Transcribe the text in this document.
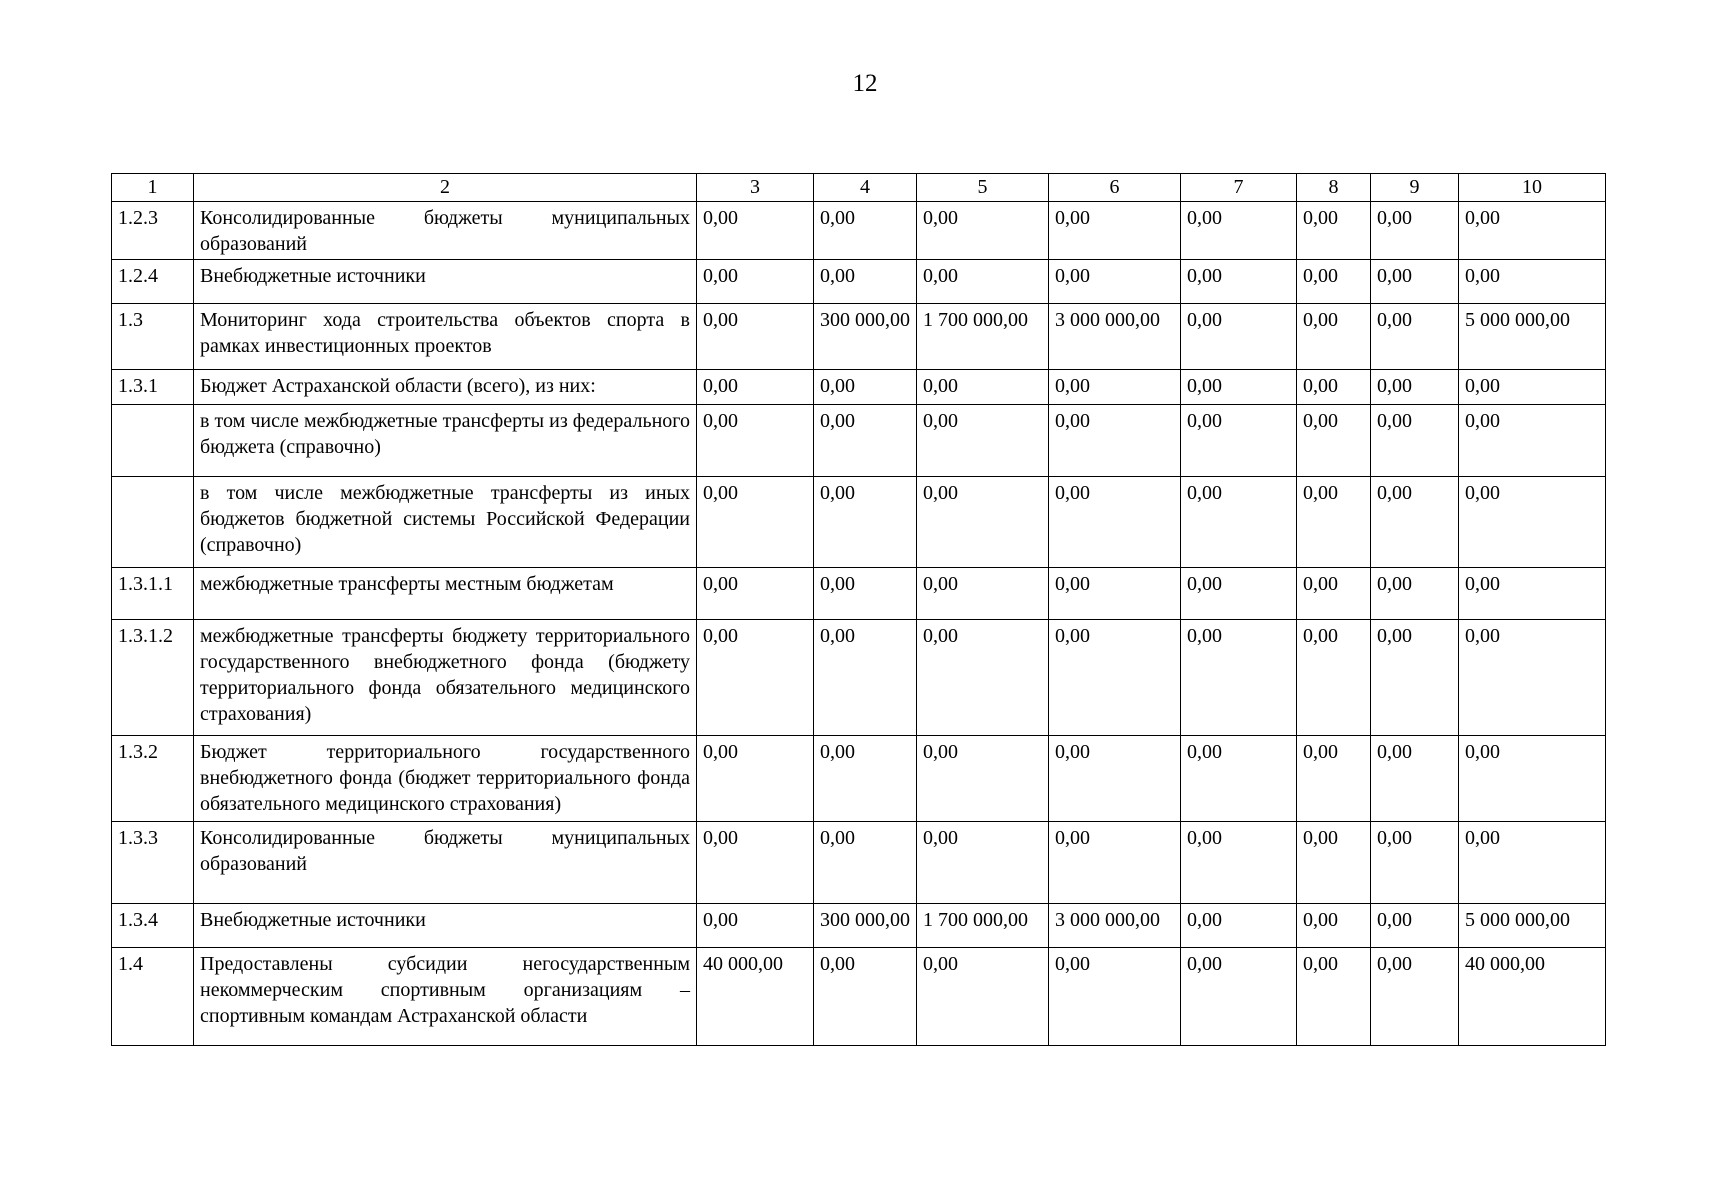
12
1	2	3	4	5	6	7	8	9	10
1.2.3	Консолидированные бюджеты муниципальных образований	0,00	0,00	0,00	0,00	0,00	0,00	0,00	0,00
1.2.4	Внебюджетные источники	0,00	0,00	0,00	0,00	0,00	0,00	0,00	0,00
1.3	Мониторинг хода строительства объектов спорта в рамках инвестиционных проектов	0,00	300 000,00	1 700 000,00	3 000 000,00	0,00	0,00	0,00	5 000 000,00
1.3.1	Бюджет Астраханской области (всего), из них:	0,00	0,00	0,00	0,00	0,00	0,00	0,00	0,00
	в том числе межбюджетные трансферты из федерального бюджета (справочно)	0,00	0,00	0,00	0,00	0,00	0,00	0,00	0,00
	в том числе межбюджетные трансферты из иных бюджетов бюджетной системы Российской Федерации (справочно)	0,00	0,00	0,00	0,00	0,00	0,00	0,00	0,00
1.3.1.1	межбюджетные трансферты местным бюджетам	0,00	0,00	0,00	0,00	0,00	0,00	0,00	0,00
1.3.1.2	межбюджетные трансферты бюджету территориального государственного внебюджетного фонда (бюджету территориального фонда обязательного медицинского страхования)	0,00	0,00	0,00	0,00	0,00	0,00	0,00	0,00
1.3.2	Бюджет территориального государственного внебюджетного фонда (бюджет территориального фонда обязательного медицинского страхования)	0,00	0,00	0,00	0,00	0,00	0,00	0,00	0,00
1.3.3	Консолидированные бюджеты муниципальных образований	0,00	0,00	0,00	0,00	0,00	0,00	0,00	0,00
1.3.4	Внебюджетные источники	0,00	300 000,00	1 700 000,00	3 000 000,00	0,00	0,00	0,00	5 000 000,00
1.4	Предоставлены субсидии негосударственным некоммерческим спортивным организациям – спортивным командам Астраханской области	40 000,00	0,00	0,00	0,00	0,00	0,00	0,00	40 000,00
